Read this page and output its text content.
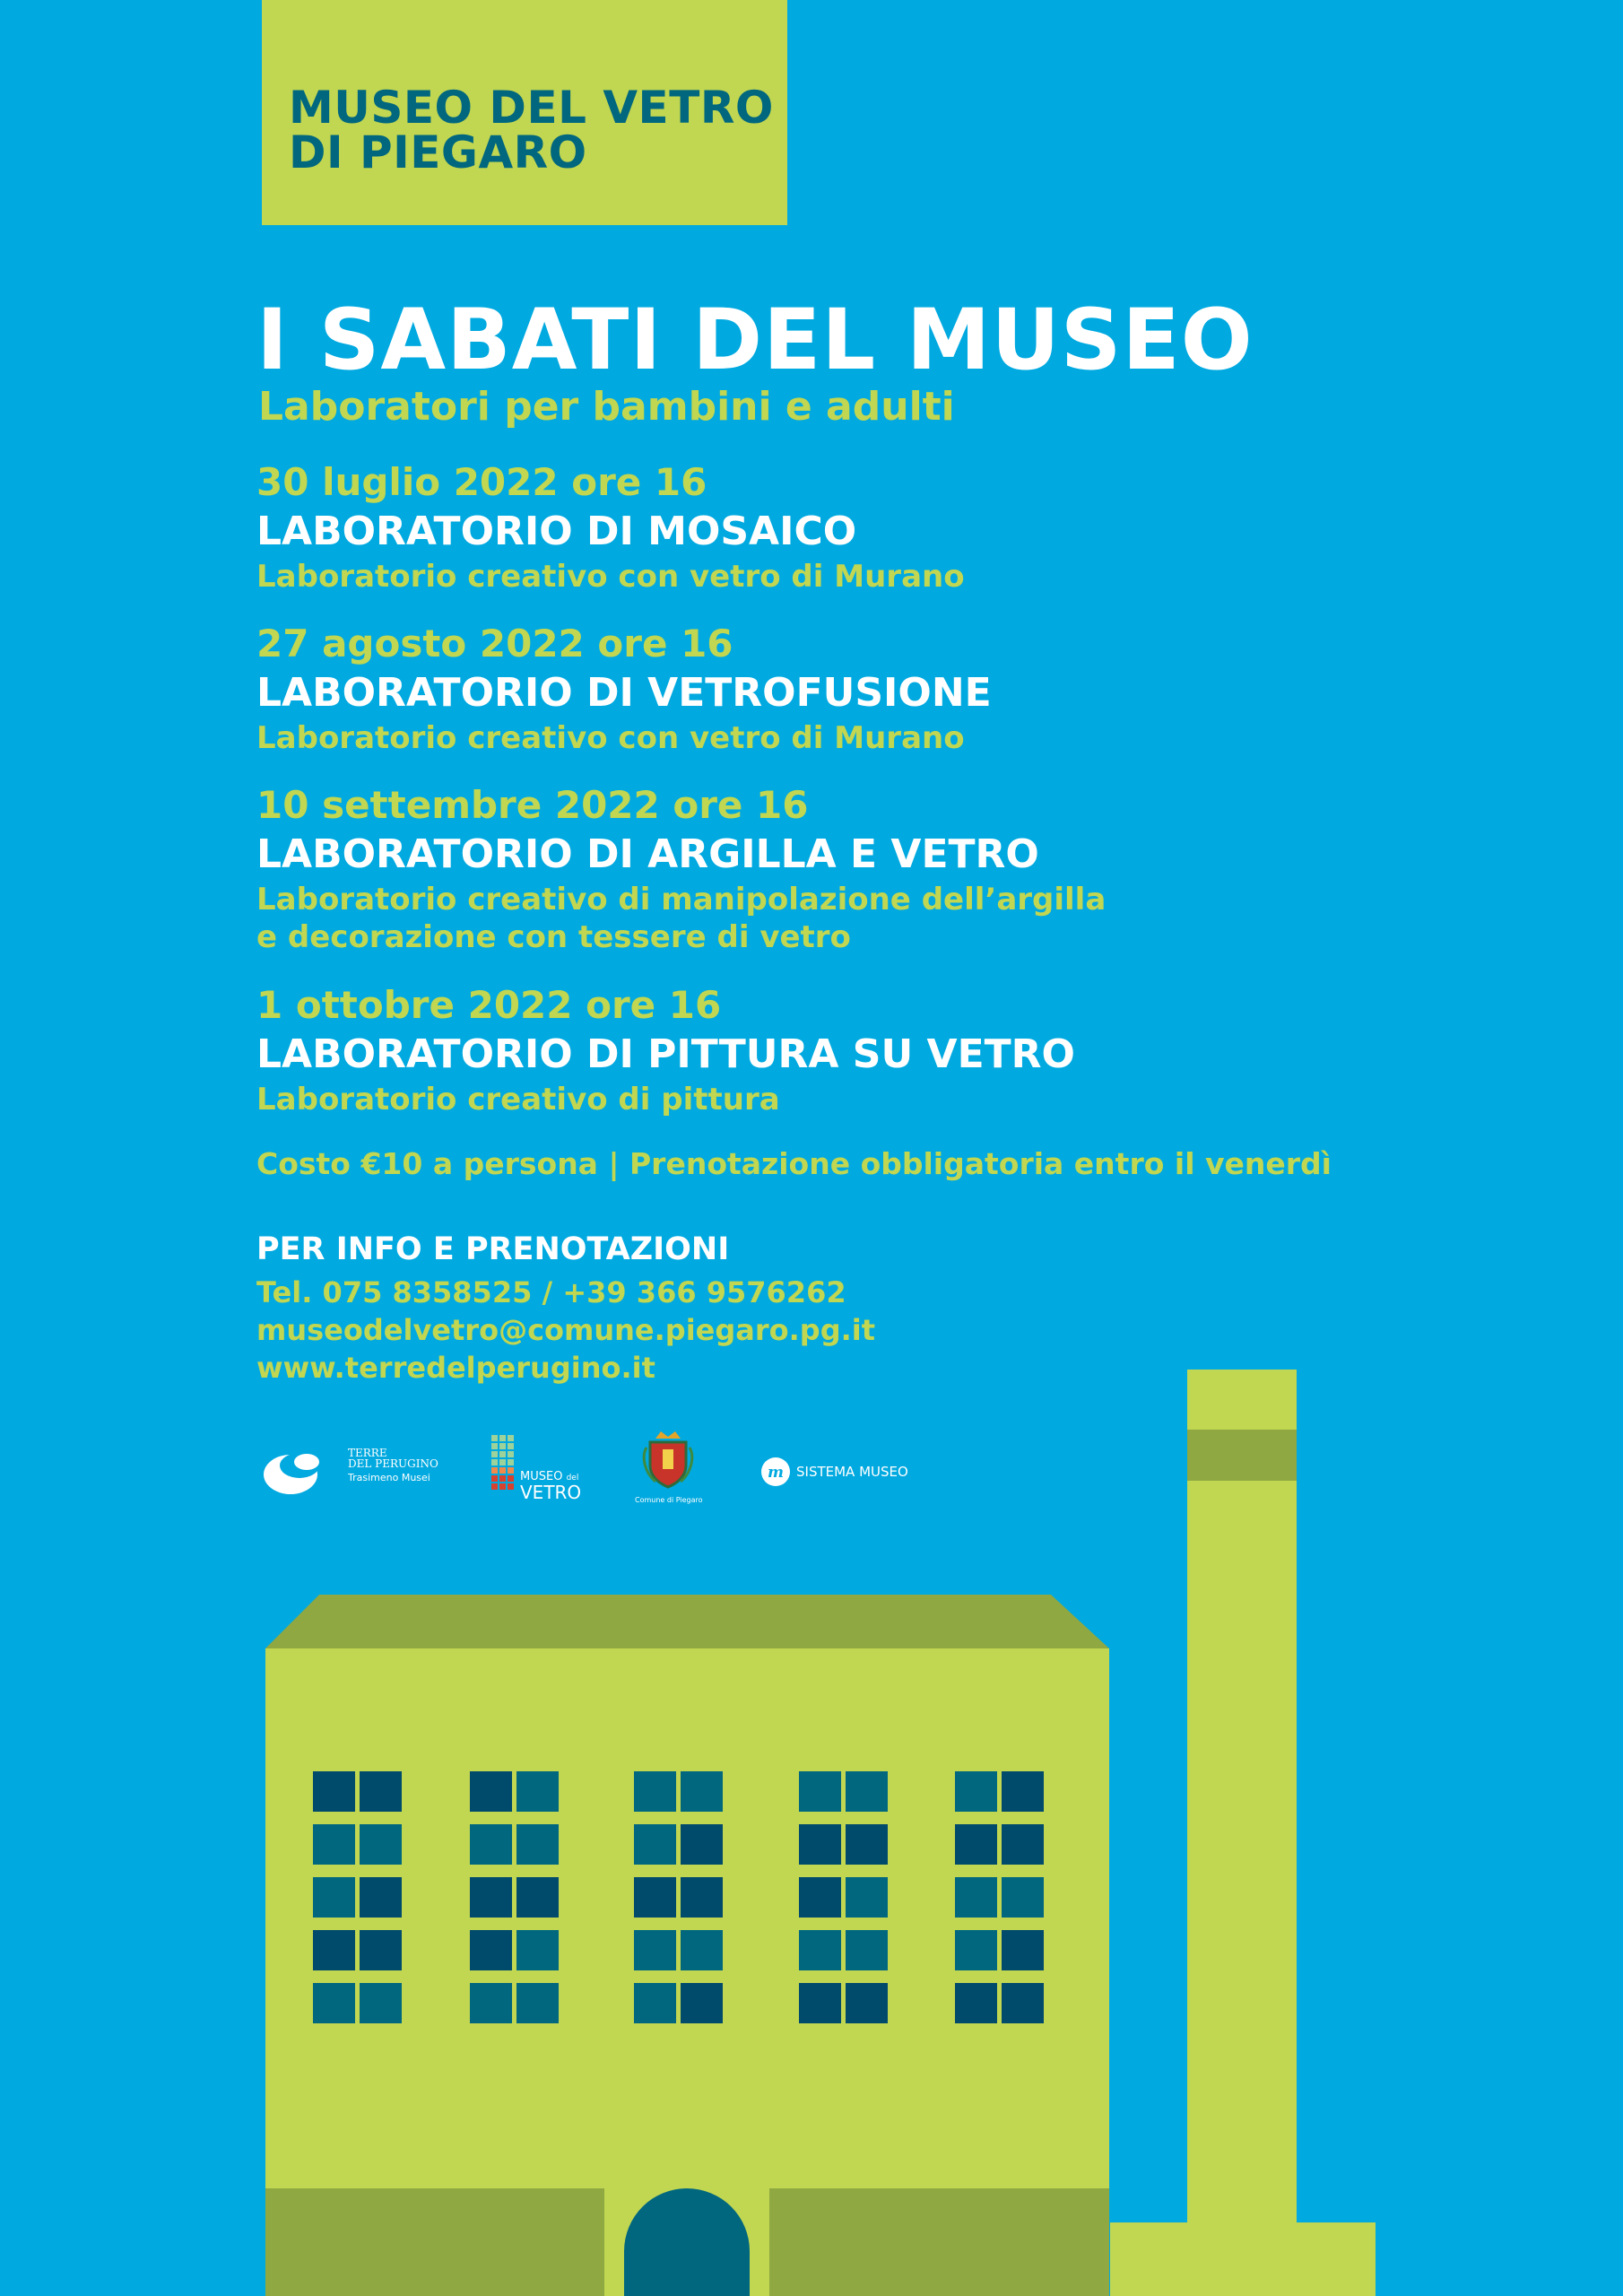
MUSEO DEL VETRO
DI PIEGARO
I SABATI DEL MUSEO
Laboratori per bambini e adulti
30 luglio 2022 ore 16
LABORATORIO DI MOSAICO
Laboratorio creativo con vetro di Murano
27 agosto 2022 ore 16
LABORATORIO DI VETROFUSIONE
Laboratorio creativo con vetro di Murano
10 settembre 2022 ore 16
LABORATORIO DI ARGILLA E VETRO
Laboratorio creativo di manipolazione dell’argilla
e decorazione con tessere di vetro
1 ottobre 2022 ore 16
LABORATORIO DI PITTURA SU VETRO
Laboratorio creativo di pittura
Costo €10 a persona | Prenotazione obbligatoria entro il venerdì
PER INFO E PRENOTAZIONI
Tel. 075 8358525 / +39 366 9576262
museodelvetro@comune.piegaro.pg.it
www.terredelperugino.it
TERRE
DEL PERUGINO
Trasimeno Musei	MUSEO del
VETRO	Comune di Piegaro
m SISTEMA MUSEO
